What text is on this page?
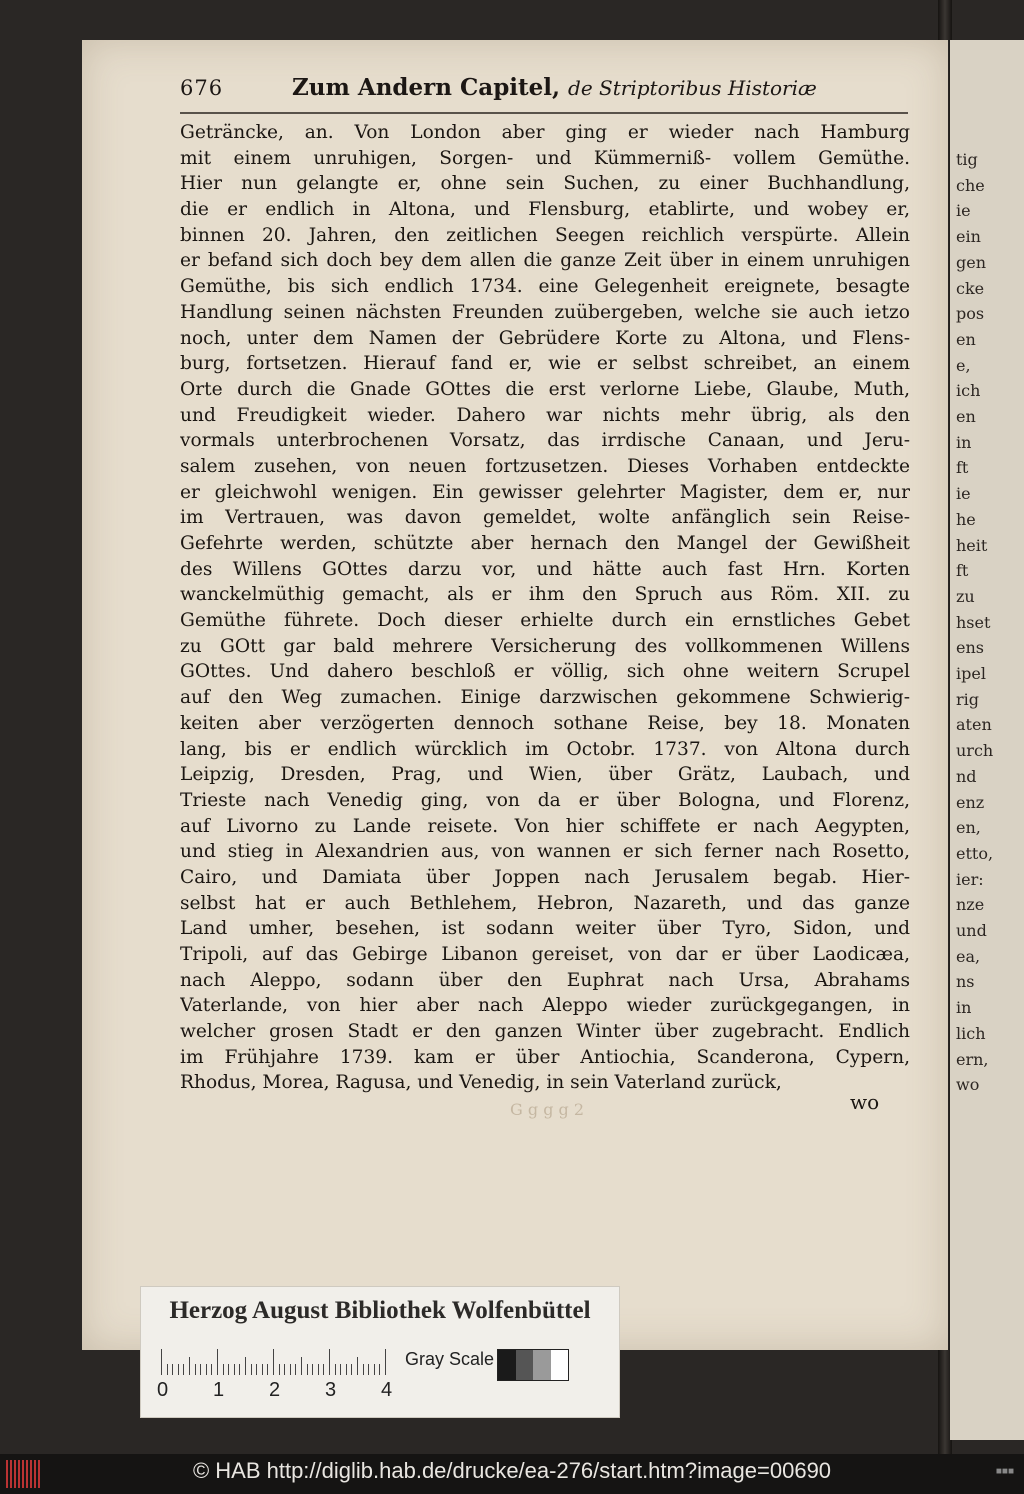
tig
che
ie
ein
gen
cke
pos
en
e,
ich
en
in
ft
ie
he
heit
ft
zu
hset
ens
ipel
rig
aten
urch
nd
enz
en,
etto,
ier:
nze
und
ea,
ns
in
lich
ern,
wo
676	Zum Andern Capitel, de Striptoribus Historiæ
Geträncke, an. Von London aber ging er wieder nach Hamburg
mit einem unruhigen, Sorgen- und Kümmerniß- vollem Gemüthe.
Hier nun gelangte er, ohne sein Suchen, zu einer Buchhandlung,
die er endlich in Altona, und Flensburg, etablirte, und wobey er,
binnen 20. Jahren, den zeitlichen Seegen reichlich verspürte. Allein
er befand sich doch bey dem allen die ganze Zeit über in einem unruhigen
Gemüthe, bis sich endlich 1734. eine Gelegenheit ereignete, besagte
Handlung seinen nächsten Freunden zuübergeben, welche sie auch ietzo
noch, unter dem Namen der Gebrüdere Korte zu Altona, und Flens-
burg, fortsetzen. Hierauf fand er, wie er selbst schreibet, an einem
Orte durch die Gnade GOttes die erst verlorne Liebe, Glaube, Muth,
und Freudigkeit wieder. Dahero war nichts mehr übrig, als den
vormals unterbrochenen Vorsatz, das irrdische Canaan, und Jeru-
salem zusehen, von neuen fortzusetzen. Dieses Vorhaben entdeckte
er gleichwohl wenigen. Ein gewisser gelehrter Magister, dem er, nur
im Vertrauen, was davon gemeldet, wolte anfänglich sein Reise-
Gefehrte werden, schützte aber hernach den Mangel der Gewißheit
des Willens GOttes darzu vor, und hätte auch fast Hrn. Korten
wanckelmüthig gemacht, als er ihm den Spruch aus Röm. XII. zu
Gemüthe führete. Doch dieser erhielte durch ein ernstliches Gebet
zu GOtt gar bald mehrere Versicherung des vollkommenen Willens
GOttes. Und dahero beschloß er völlig, sich ohne weitern Scrupel
auf den Weg zumachen. Einige darzwischen gekommene Schwierig-
keiten aber verzögerten dennoch sothane Reise, bey 18. Monaten
lang, bis er endlich würcklich im Octobr. 1737. von Altona durch
Leipzig, Dresden, Prag, und Wien, über Grätz, Laubach, und
Trieste nach Venedig ging, von da er über Bologna, und Florenz,
auf Livorno zu Lande reisete. Von hier schiffete er nach Aegypten,
und stieg in Alexandrien aus, von wannen er sich ferner nach Rosetto,
Cairo, und Damiata über Joppen nach Jerusalem begab. Hier-
selbst hat er auch Bethlehem, Hebron, Nazareth, und das ganze
Land umher, besehen, ist sodann weiter über Tyro, Sidon, und
Tripoli, auf das Gebirge Libanon gereiset, von dar er über Laodicæa,
nach Aleppo, sodann über den Euphrat nach Ursa, Abrahams
Vaterlande, von hier aber nach Aleppo wieder zurückgegangen, in
welcher grosen Stadt er den ganzen Winter über zugebracht. Endlich
im Frühjahre 1739. kam er über Antiochia, Scanderona, Cypern,
Rhodus, Morea, Ragusa, und Venedig, in sein Vaterland zurück,
G g g g 2	wo
Herzog August Bibliothek Wolfenbüttel
0 1 2 3 4
Gray Scale
© HAB http://diglib.hab.de/drucke/ea-276/start.htm?image=00690	■■■
